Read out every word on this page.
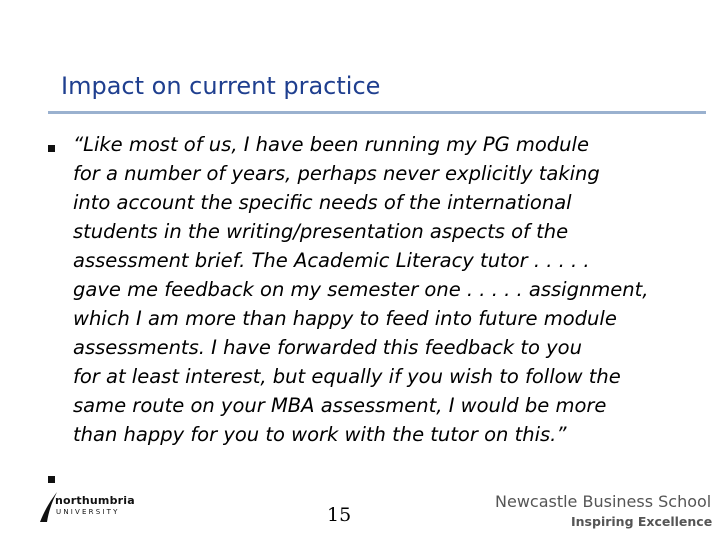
Impact on current practice
“Like most of us, I have been running my PG module
for a number of years, perhaps never explicitly taking
into account the specific needs of the international
students in the writing/presentation aspects of the
assessment brief. The Academic Literacy tutor . . . . .
gave me feedback on my semester one . . . . . assignment,
which I am more than happy to feed into future module
assessments. I have forwarded this feedback to you
for at least interest, but equally if you wish to follow the
same route on your MBA assessment, I would be more
than happy for you to work with the tutor on this.”
northumbria
UNIVERSITY	15
Newcastle Business School
Inspiring Excellence
